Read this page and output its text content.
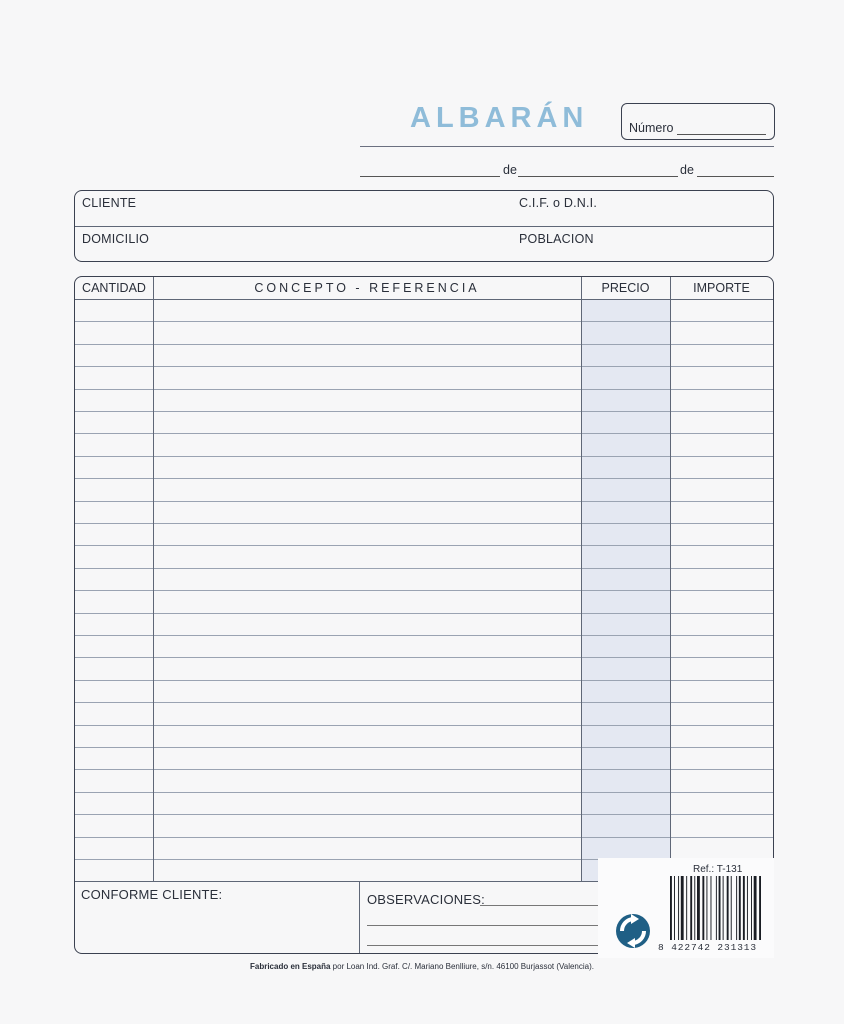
ALBARÁN	Número
de	de
CLIENTE	C.I.F. o D.N.I.
DOMICILIO	POBLACION
CANTIDAD	CONCEPTO - REFERENCIA	PRECIO	IMPORTE
CONFORME CLIENTE:	OBSERVACIONES:
Ref.: T-131
8 422742 231313
Fabricado en España por Loan Ind. Graf. C/. Mariano Benlliure, s/n. 46100 Burjassot (Valencia).
